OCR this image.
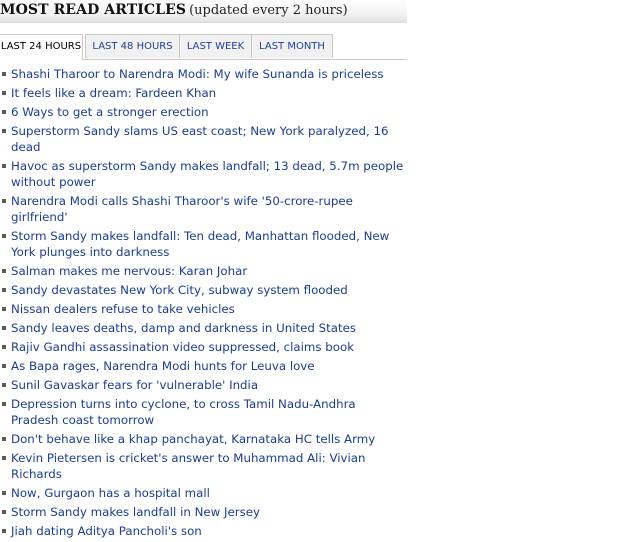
MOST READ ARTICLES (updated every 2 hours)
LAST 24 HOURS	LAST 48 HOURS	LAST WEEK	LAST MONTH
Shashi Tharoor to Narendra Modi: My wife Sunanda is priceless
It feels like a dream: Fardeen Khan
6 Ways to get a stronger erection
Superstorm Sandy slams US east coast; New York paralyzed, 16 dead
Havoc as superstorm Sandy makes landfall; 13 dead, 5.7m people without power
Narendra Modi calls Shashi Tharoor's wife '50-crore-rupee girlfriend'
Storm Sandy makes landfall: Ten dead, Manhattan flooded, New York plunges into darkness
Salman makes me nervous: Karan Johar
Sandy devastates New York City, subway system flooded
Nissan dealers refuse to take vehicles
Sandy leaves deaths, damp and darkness in United States
Rajiv Gandhi assassination video suppressed, claims book
As Bapa rages, Narendra Modi hunts for Leuva love
Sunil Gavaskar fears for 'vulnerable' India
Depression turns into cyclone, to cross Tamil Nadu-Andhra Pradesh coast tomorrow
Don't behave like a khap panchayat, Karnataka HC tells Army
Kevin Pietersen is cricket's answer to Muhammad Ali: Vivian Richards
Now, Gurgaon has a hospital mall
Storm Sandy makes landfall in New Jersey
Jiah dating Aditya Pancholi's son
